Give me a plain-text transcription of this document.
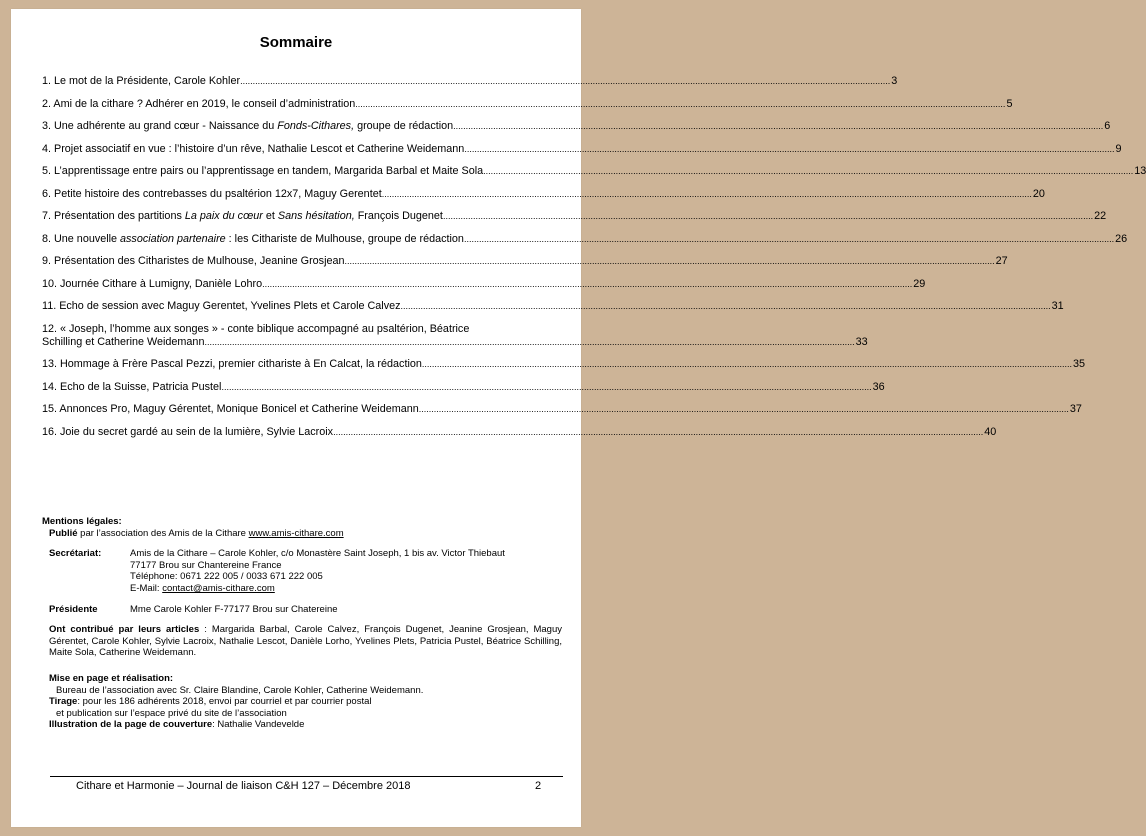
Sommaire
1. Le mot de la Présidente, Carole Kohler .................................................................................................................................................................................................................................................................... 3
2. Ami de la cithare ? Adhérer en 2019, le conseil d’administration .................................................................................................................................................................................................................................................................... 5
3. Une adhérente au grand cœur - Naissance du Fonds-Cithares, groupe de rédaction .................................................................................................................................................................................................................................................................... 6
4. Projet associatif en vue : l’histoire d’un rêve, Nathalie Lescot et Catherine Weidemann .................................................................................................................................................................................................................................................................... 9
5. L’apprentissage entre pairs ou l’apprentissage en tandem, Margarida Barbal et Maite Sola .................................................................................................................................................................................................................................................................... 13
6. Petite histoire des contrebasses du psaltérion 12x7, Maguy Gerentet .................................................................................................................................................................................................................................................................... 20
7. Présentation des partitions La paix du cœur et Sans hésitation, François Dugenet .................................................................................................................................................................................................................................................................... 22
8. Une nouvelle association partenaire : les Cithariste de Mulhouse, groupe de rédaction .................................................................................................................................................................................................................................................................... 26
9. Présentation des Citharistes de Mulhouse, Jeanine Grosjean .................................................................................................................................................................................................................................................................... 27
10. Journée Cithare à Lumigny, Danièle Lohro .................................................................................................................................................................................................................................................................... 29
11. Echo de session avec Maguy Gerentet, Yvelines Plets et Carole Calvez .................................................................................................................................................................................................................................................................... 31
12. « Joseph, l’homme aux songes » - conte biblique accompagné au psaltérion, Béatrice
Schilling et Catherine Weidemann .................................................................................................................................................................................................................................................................... 33
13. Hommage à Frère Pascal Pezzi, premier cithariste à En Calcat, la rédaction .................................................................................................................................................................................................................................................................... 35
14. Echo de la Suisse, Patricia Pustel .................................................................................................................................................................................................................................................................... 36
15. Annonces Pro, Maguy Gérentet, Monique Bonicel et Catherine Weidemann .................................................................................................................................................................................................................................................................... 37
16. Joie du secret gardé au sein de la lumière, Sylvie Lacroix .................................................................................................................................................................................................................................................................... 40
Mentions légales:
Publié par l’association des Amis de la Cithare www.amis-cithare.com
Secrétariat:	Amis de la Cithare – Carole Kohler, c/o Monastère Saint Joseph, 1 bis av. Victor Thiebaut
77177 Brou sur Chantereine France
Téléphone: 0671 222 005 / 0033 671 222 005
E-Mail: contact@amis-cithare.com
Présidente	Mme Carole Kohler F-77177 Brou sur Chatereine
Ont contribué par leurs articles : Margarida Barbal, Carole Calvez, François Dugenet, Jeanine Grosjean, Maguy Gérentet, Carole Kohler, Sylvie Lacroix, Nathalie Lescot, Danièle Lorho, Yvelines Plets, Patricia Pustel, Béatrice Schilling, Maite Sola, Catherine Weidemann.
Mise en page et réalisation:
Bureau de l’association avec Sr. Claire Blandine, Carole Kohler, Catherine Weidemann.
Tirage: pour les 186 adhérents 2018, envoi par courriel et par courrier postal
et publication sur l’espace privé du site de l’association
Illustration de la page de couverture: Nathalie Vandevelde
Cithare et Harmonie – Journal de liaison C&H 127 – Décembre 2018	2
